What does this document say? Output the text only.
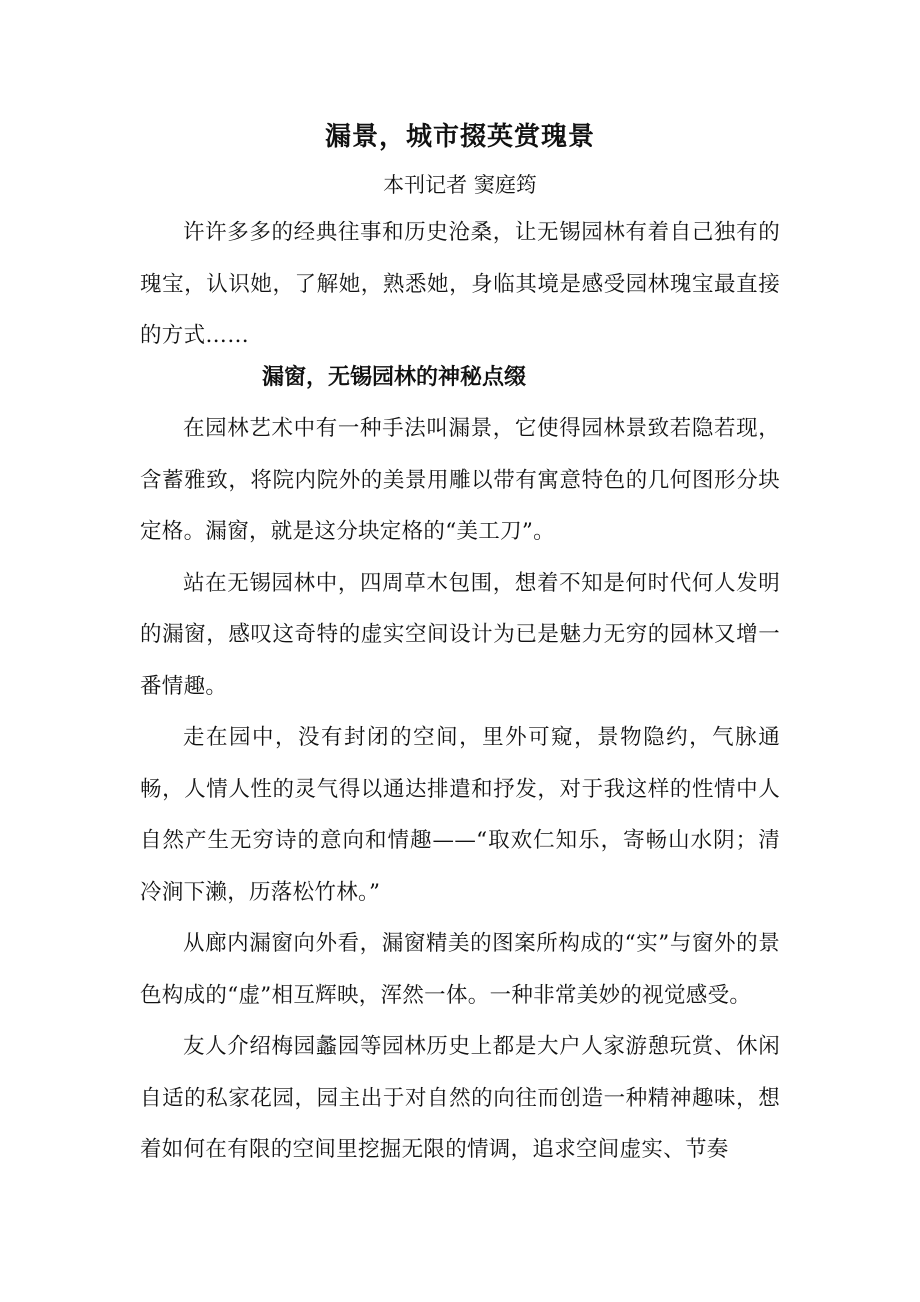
漏景，城市掇英赏瑰景
本刊记者 窦庭筠

许许多多的经典往事和历史沧桑，让无锡园林有着自己独有的瑰宝，认识她，了解她，熟悉她，身临其境是感受园林瑰宝最直接的方式……

漏窗，无锡园林的神秘点缀

在园林艺术中有一种手法叫漏景，它使得园林景致若隐若现，含蓄雅致，将院内院外的美景用雕以带有寓意特色的几何图形分块定格。漏窗，就是这分块定格的“美工刀”。

站在无锡园林中，四周草木包围，想着不知是何时代何人发明的漏窗，感叹这奇特的虚实空间设计为已是魅力无穷的园林又增一番情趣。

走在园中，没有封闭的空间，里外可窥，景物隐约，气脉通畅，人情人性的灵气得以通达排遣和抒发，对于我这样的性情中人自然产生无穷诗的意向和情趣——“取欢仁知乐，寄畅山水阴；清冷涧下濑，历落松竹林。”

从廊内漏窗向外看，漏窗精美的图案所构成的“实”与窗外的景色构成的“虚”相互辉映，浑然一体。一种非常美妙的视觉感受。

友人介绍梅园蠡园等园林历史上都是大户人家游憩玩赏、休闲自适的私家花园，园主出于对自然的向往而创造一种精神趣味，想着如何在有限的空间里挖掘无限的情调，追求空间虚实、节奏
